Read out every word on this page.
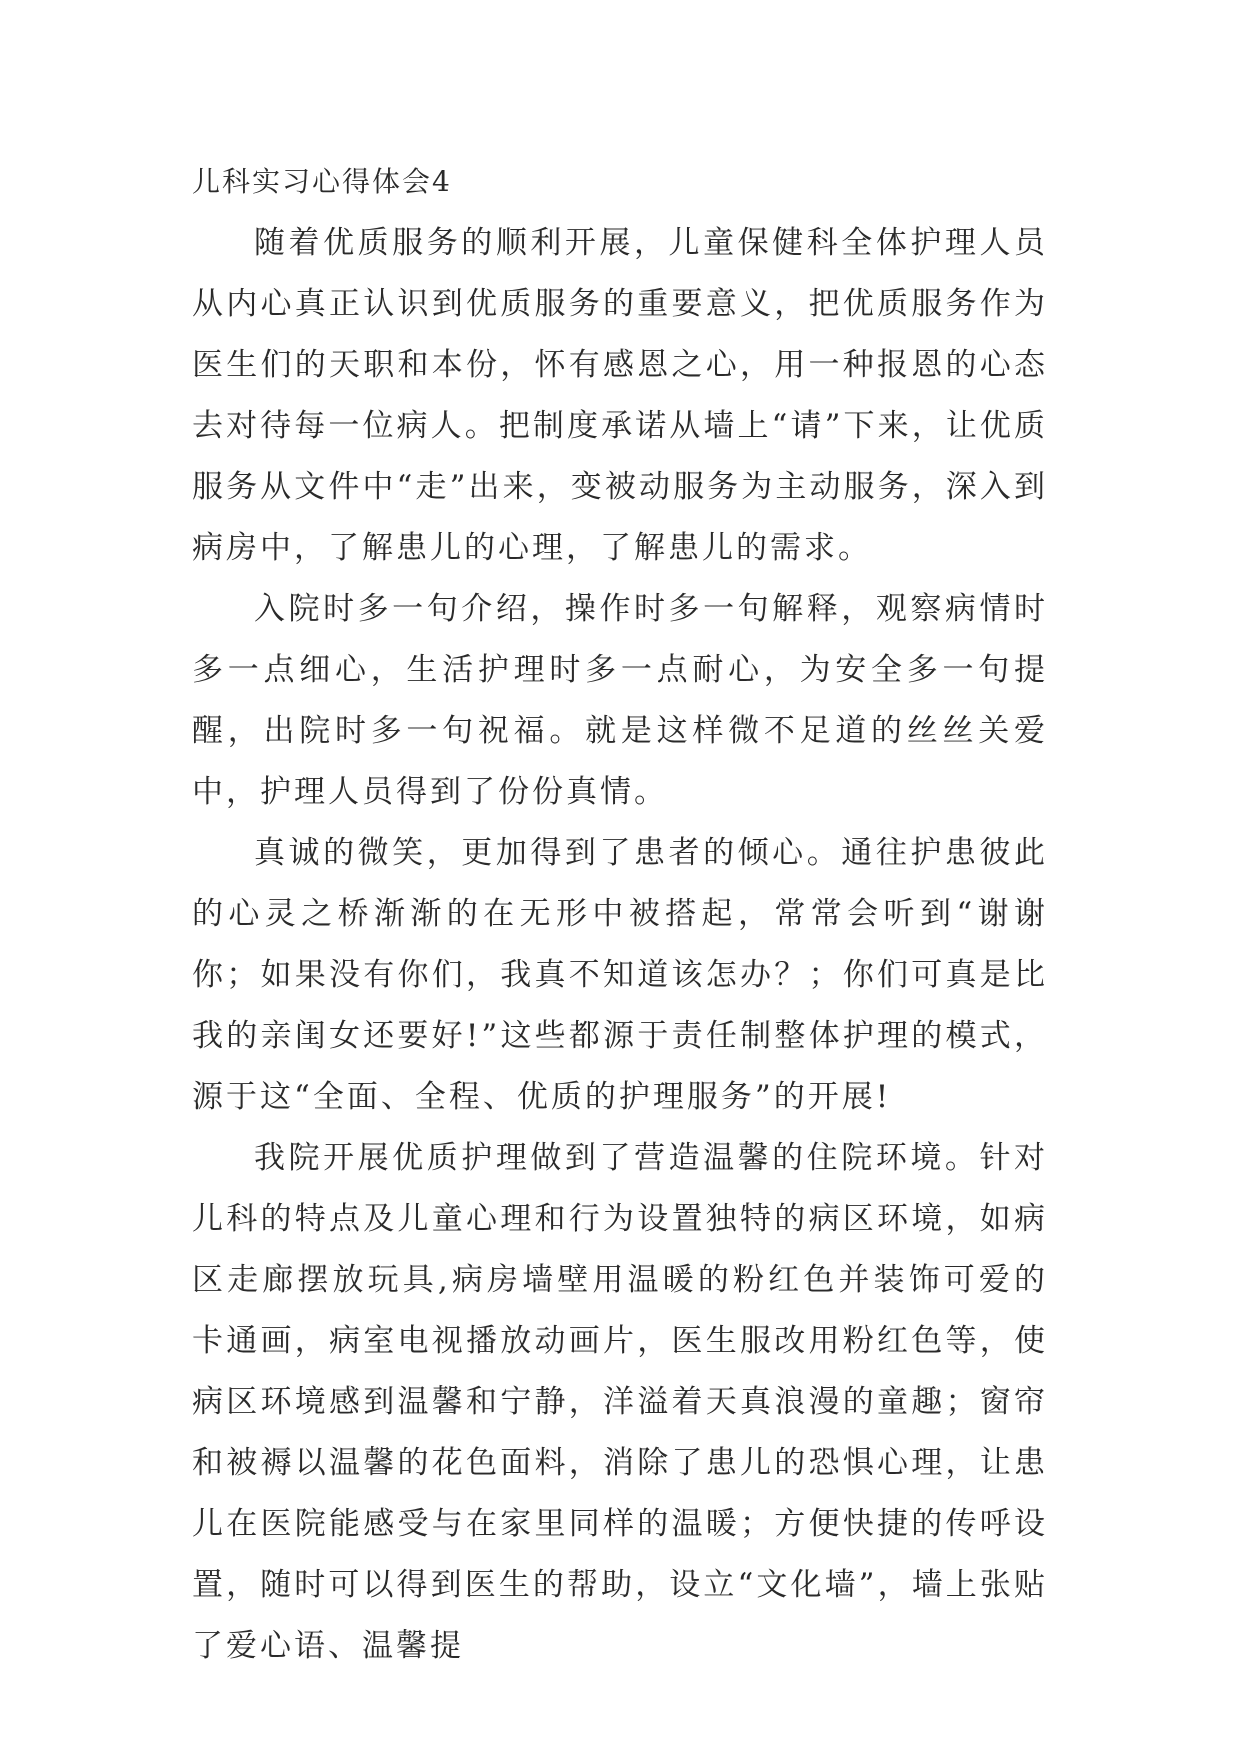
儿科实习心得体会4

随着优质服务的顺利开展，儿童保健科全体护理人员从内心真正认识到优质服务的重要意义，把优质服务作为医生们的天职和本份，怀有感恩之心，用一种报恩的心态去对待每一位病人。把制度承诺从墙上“请”下来，让优质服务从文件中“走”出来，变被动服务为主动服务，深入到病房中，了解患儿的心理，了解患儿的需求。

入院时多一句介绍，操作时多一句解释，观察病情时多一点细心，生活护理时多一点耐心，为安全多一句提醒，出院时多一句祝福。就是这样微不足道的丝丝关爱中，护理人员得到了份份真情。

真诚的微笑，更加得到了患者的倾心。通往护患彼此的心灵之桥渐渐的在无形中被搭起，常常会听到“谢谢你；如果没有你们，我真不知道该怎办？；你们可真是比我的亲闺女还要好!”这些都源于责任制整体护理的模式，源于这“全面、全程、优质的护理服务”的开展!

我院开展优质护理做到了营造温馨的住院环境。针对儿科的特点及儿童心理和行为设置独特的病区环境，如病区走廊摆放玩具,病房墙壁用温暖的粉红色并装饰可爱的卡通画，病室电视播放动画片，医生服改用粉红色等，使病区环境感到温馨和宁静，洋溢着天真浪漫的童趣；窗帘和被褥以温馨的花色面料，消除了患儿的恐惧心理，让患儿在医院能感受与在家里同样的温暖；方便快捷的传呼设置，随时可以得到医生的帮助，设立“文化墙”，墙上张贴了爱心语、温馨提
